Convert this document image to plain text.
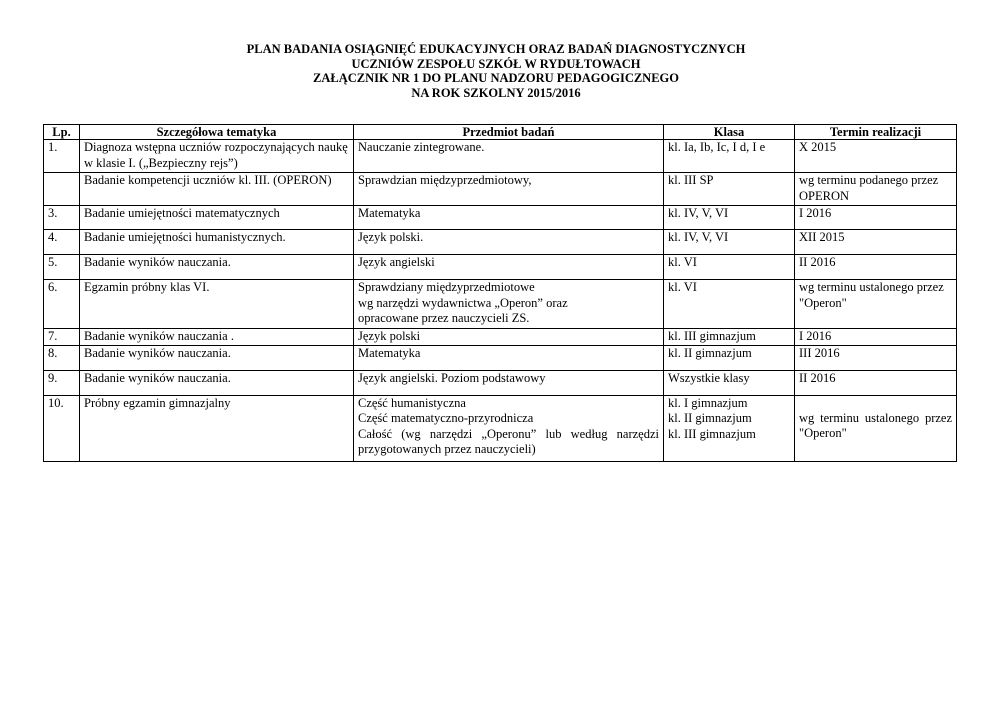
PLAN BADANIA OSIĄGNIĘĆ EDUKACYJNYCH ORAZ BADAŃ DIAGNOSTYCZNYCH
UCZNIÓW ZESPOŁU SZKÓŁ W RYDUŁTOWACH
ZAŁĄCZNIK NR 1 DO PLANU NADZORU PEDAGOGICZNEGO
NA ROK SZKOLNY 2015/2016
Lp.	Szczegółowa tematyka	Przedmiot badań	Klasa	Termin realizacji
1.	Diagnoza wstępna uczniów rozpoczynających naukę w klasie I. („Bezpieczny rejs”)	Nauczanie zintegrowane.	kl. Ia, Ib, Ic, I d, I e	X 2015
	Badanie kompetencji uczniów kl. III. (OPERON)	Sprawdzian międzyprzedmiotowy,	kl. III SP	wg terminu podanego przez OPERON
3.	Badanie umiejętności matematycznych	Matematyka	kl. IV, V, VI	I 2016
4.	Badanie umiejętności humanistycznych.	Język polski.	kl. IV, V, VI	XII 2015
5.	Badanie wyników nauczania.	Język angielski	kl. VI	II 2016
6.	Egzamin próbny klas VI.	Sprawdziany międzyprzedmiotowe
wg narzędzi wydawnictwa „Operon” oraz
opracowane przez nauczycieli ZS.	kl. VI	wg terminu ustalonego przez "Operon"
7.	Badanie wyników nauczania .	Język polski	kl. III gimnazjum	I 2016
8.	Badanie wyników nauczania.	Matematyka	kl. II gimnazjum	III 2016
9.	Badanie wyników nauczania.	Język angielski. Poziom podstawowy	Wszystkie klasy	II 2016
10.	Próbny egzamin gimnazjalny	Część humanistyczna
Część matematyczno-przyrodnicza
Całość (wg narzędzi „Operonu” lub według narzędzi przygotowanych przez nauczycieli)	kl. I gimnazjum
kl. II gimnazjum
kl. III gimnazjum	wg terminu ustalonego przez "Operon"
